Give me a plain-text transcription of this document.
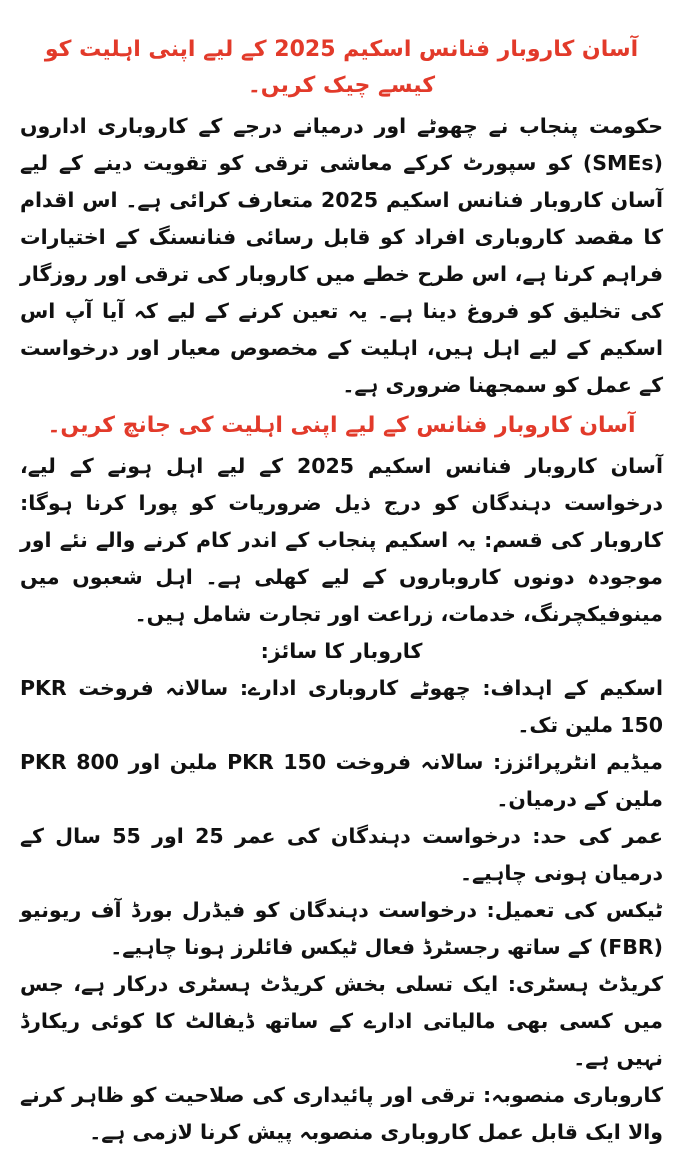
آسان کاروبار فنانس اسکیم 2025 کے لیے اپنی اہلیت کو کیسے چیک کریں۔

حکومت پنجاب نے چھوٹے اور درمیانے درجے کے کاروباری اداروں (SMEs) کو سپورٹ کرکے معاشی ترقی کو تقویت دینے کے لیے آسان کاروبار فنانس اسکیم 2025 متعارف کرائی ہے۔ اس اقدام کا مقصد کاروباری افراد کو قابل رسائی فنانسنگ کے اختیارات فراہم کرنا ہے، اس طرح خطے میں کاروبار کی ترقی اور روزگار کی تخلیق کو فروغ دینا ہے۔ یہ تعین کرنے کے لیے کہ آیا آپ اس اسکیم کے لیے اہل ہیں، اہلیت کے مخصوص معیار اور درخواست کے عمل کو سمجھنا ضروری ہے۔

آسان کاروبار فنانس کے لیے اپنی اہلیت کی جانچ کریں۔

آسان کاروبار فنانس اسکیم 2025 کے لیے اہل ہونے کے لیے، درخواست دہندگان کو درج ذیل ضروریات کو پورا کرنا ہوگا: کاروبار کی قسم: یہ اسکیم پنجاب کے اندر کام کرنے والے نئے اور موجودہ دونوں کاروباروں کے لیے کھلی ہے۔ اہل شعبوں میں مینوفیکچرنگ، خدمات، زراعت اور تجارت شامل ہیں۔

کاروبار کا سائز:

اسکیم کے اہداف: چھوٹے کاروباری ادارے: سالانہ فروخت PKR 150 ملین تک۔

میڈیم انٹرپرائزز: سالانہ فروخت PKR 150 ملین اور PKR 800 ملین کے درمیان۔

عمر کی حد: درخواست دہندگان کی عمر 25 اور 55 سال کے درمیان ہونی چاہیے۔

ٹیکس کی تعمیل: درخواست دہندگان کو فیڈرل بورڈ آف ریونیو (FBR) کے ساتھ رجسٹرڈ فعال ٹیکس فائلرز ہونا چاہیے۔

کریڈٹ ہسٹری: ایک تسلی بخش کریڈٹ ہسٹری درکار ہے، جس میں کسی بھی مالیاتی ادارے کے ساتھ ڈیفالٹ کا کوئی ریکارڈ نہیں ہے۔

کاروباری منصوبہ: ترقی اور پائیداری کی صلاحیت کو ظاہر کرنے والا ایک قابل عمل کاروباری منصوبہ پیش کرنا لازمی ہے۔
